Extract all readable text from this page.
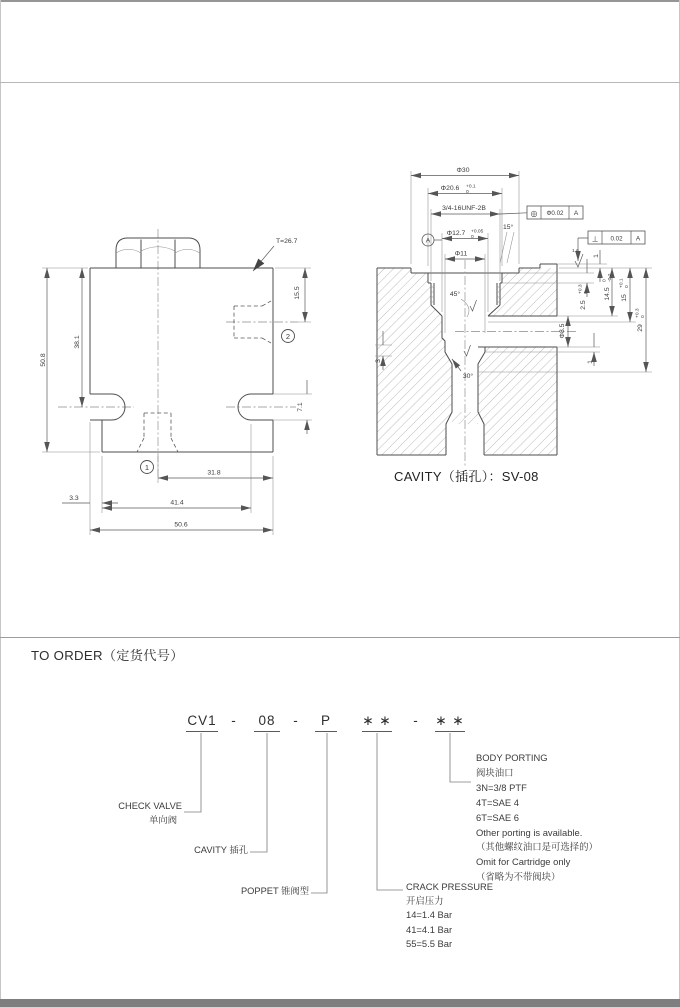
1
2
50.8
38.1
15.5
7.1
31.8
3.3
41.4
50.6
T=26.7
Φ30
Φ20.6 +0.1
0
3/4-16UNF-2B
Φ12.7 +0.05
0
Φ11
15°
A
◎ Φ0.02 A
⊥ 0.02 A
1.6
1
2.5
+0.3 0 14.5
0 -0.2
15
+0.1 0
29
+0.3 0
1
3
Φ8.5
45°
30°
CAVITY（插孔）：SV-08
TO ORDER（定货代号）
CV1 -	08	-	P	∗ ∗ - ∗ ∗
CHECK VALVE
单向阀
CAVITY 插孔
POPPET 锥阀型	CRACK PRESSURE
开启压力
14=1.4 Bar
41=4.1 Bar
55=5.5 Bar
BODY PORTING
阀块油口
3N=3/8 PTF
4T=SAE 4
6T=SAE 6
Other porting is available.
（其他螺纹油口是可选择的）
Omit for Cartridge only
（省略为不带阀块）
